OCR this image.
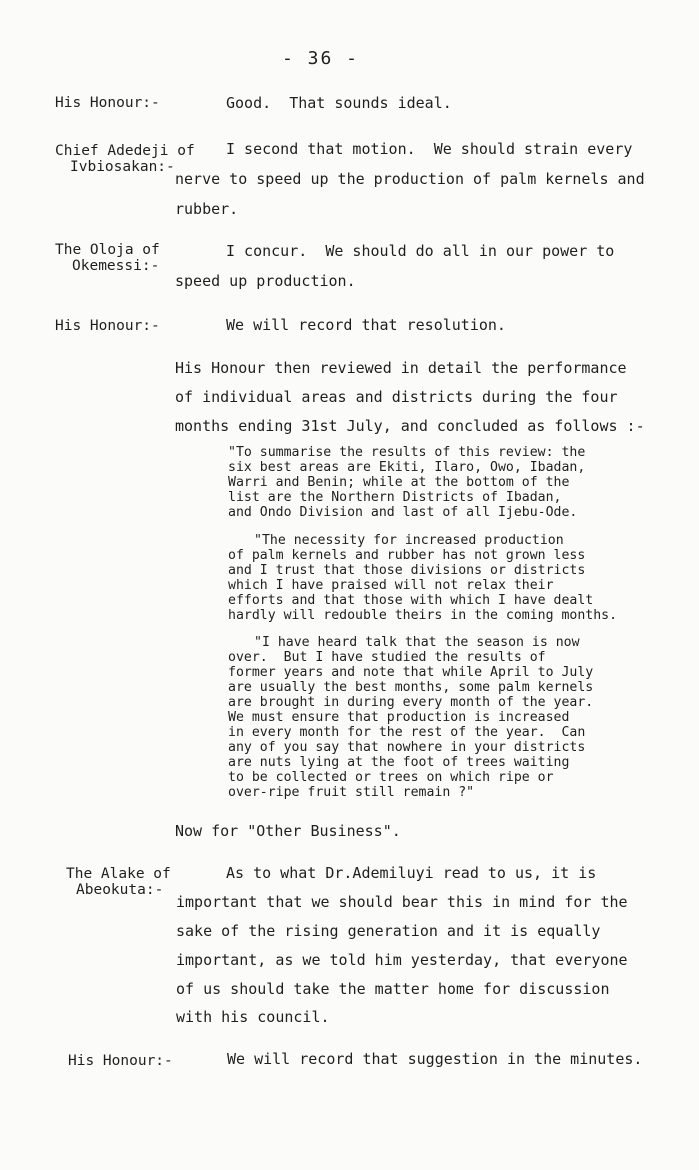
- 36 -
His Honour:-	Good.  That sounds ideal.
Chief Adedeji of
Ivbiosakan:-
I second that motion.  We should strain every
nerve to speed up the production of palm kernels and
rubber.
The Oloja of
Okemessi:-
I concur.  We should do all in our power to
speed up production.
His Honour:-	We will record that resolution.
His Honour then reviewed in detail the performance
of individual areas and districts during the four
months ending 31st July, and concluded as follows :-
"To summarise the results of this review: the
six best areas are Ekiti, Ilaro, Owo, Ibadan,
Warri and Benin; while at the bottom of the
list are the Northern Districts of Ibadan,
and Ondo Division and last of all Ijebu-Ode.
"The necessity for increased production
of palm kernels and rubber has not grown less
and I trust that those divisions or districts
which I have praised will not relax their
efforts and that those with which I have dealt
hardly will redouble theirs in the coming months.
"I have heard talk that the season is now
over.  But I have studied the results of
former years and note that while April to July
are usually the best months, some palm kernels
are brought in during every month of the year.
We must ensure that production is increased
in every month for the rest of the year.  Can
any of you say that nowhere in your districts
are nuts lying at the foot of trees waiting
to be collected or trees on which ripe or
over-ripe fruit still remain ?"
Now for "Other Business".
The Alake of
Abeokuta:-
As to what Dr.Ademiluyi read to us, it is
important that we should bear this in mind for the
sake of the rising generation and it is equally
important, as we told him yesterday, that everyone
of us should take the matter home for discussion
with his council.
His Honour:-	We will record that suggestion in the minutes.
